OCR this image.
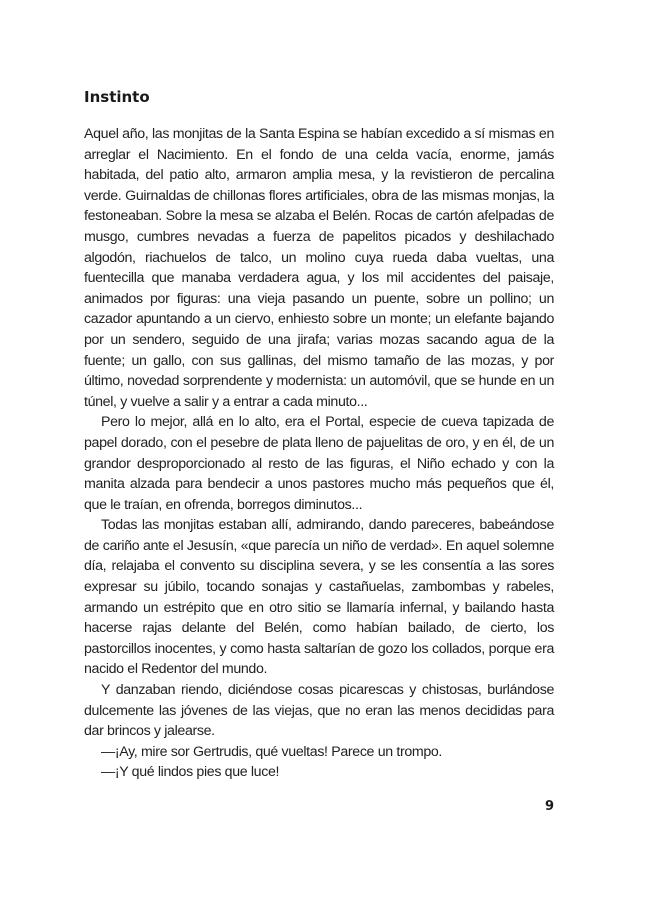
Instinto

Aquel año, las monjitas de la Santa Espina se habían excedido a sí mismas en arreglar el Nacimiento. En el fondo de una celda vacía, enorme, jamás habitada, del patio alto, armaron amplia mesa, y la revistieron de percalina verde. Guirnaldas de chillonas flores artificiales, obra de las mismas monjas, la festoneaban. Sobre la mesa se alzaba el Belén. Rocas de cartón afelpadas de musgo, cumbres nevadas a fuerza de papelitos picados y deshilachado algodón, riachuelos de talco, un molino cuya rueda daba vueltas, una fuentecilla que manaba verdadera agua, y los mil accidentes del paisaje, animados por figuras: una vieja pasando un puente, sobre un pollino; un cazador apuntando a un ciervo, enhiesto sobre un monte; un elefante bajando por un sendero, seguido de una jirafa; varias mozas sacando agua de la fuente; un gallo, con sus gallinas, del mismo tamaño de las mozas, y por último, novedad sorprendente y modernista: un automóvil, que se hunde en un túnel, y vuelve a salir y a entrar a cada minuto...

Pero lo mejor, allá en lo alto, era el Portal, especie de cueva tapizada de papel dorado, con el pesebre de plata lleno de pajuelitas de oro, y en él, de un grandor desproporcionado al resto de las figuras, el Niño echado y con la manita alzada para bendecir a unos pastores mucho más pequeños que él, que le traían, en ofrenda, borregos diminutos...

Todas las monjitas estaban allí, admirando, dando pareceres, babeándose de cariño ante el Jesusín, «que parecía un niño de verdad». En aquel solemne día, relajaba el convento su disciplina severa, y se les consentía a las sores expresar su júbilo, tocando sonajas y castañuelas, zambombas y rabeles, armando un estrépito que en otro sitio se llamaría infernal, y bailando hasta hacerse rajas delante del Belén, como habían bailado, de cierto, los pastorcillos inocentes, y como hasta saltarían de gozo los collados, porque era nacido el Redentor del mundo.

Y danzaban riendo, diciéndose cosas picarescas y chistosas, burlándose dulcemente las jóvenes de las viejas, que no eran las menos decididas para dar brincos y jalearse.

—¡Ay, mire sor Gertrudis, qué vueltas! Parece un trompo.

—¡Y qué lindos pies que luce!

9
